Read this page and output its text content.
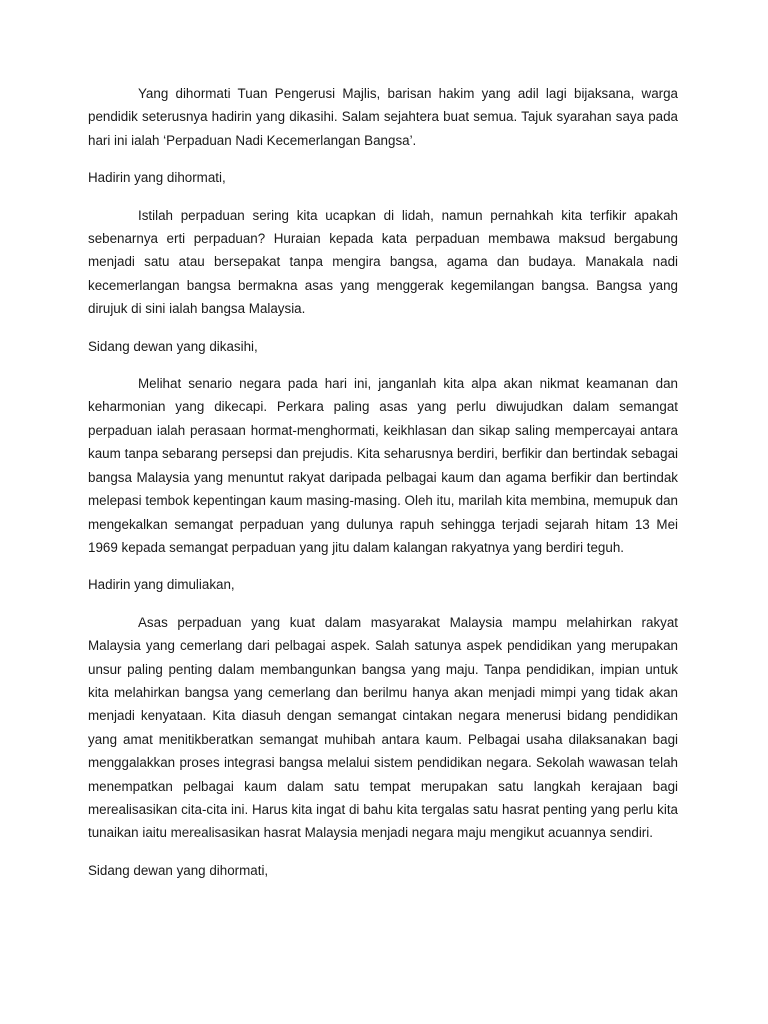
Yang dihormati Tuan Pengerusi Majlis, barisan hakim yang adil lagi bijaksana, warga pendidik seterusnya hadirin yang dikasihi. Salam sejahtera buat semua. Tajuk syarahan saya pada hari ini ialah ‘Perpaduan Nadi Kecemerlangan Bangsa’.

Hadirin yang dihormati,

Istilah perpaduan sering kita ucapkan di lidah, namun pernahkah kita terfikir apakah sebenarnya erti perpaduan? Huraian kepada kata perpaduan membawa maksud bergabung menjadi satu atau bersepakat tanpa mengira bangsa, agama dan budaya. Manakala nadi kecemerlangan bangsa bermakna asas yang menggerak kegemilangan bangsa. Bangsa yang dirujuk di sini ialah bangsa Malaysia.

Sidang dewan yang dikasihi,

Melihat senario negara pada hari ini, janganlah kita alpa akan nikmat keamanan dan keharmonian yang dikecapi. Perkara paling asas yang perlu diwujudkan dalam semangat perpaduan ialah perasaan hormat-menghormati, keikhlasan dan sikap saling mempercayai antara kaum tanpa sebarang persepsi dan prejudis. Kita seharusnya berdiri, berfikir dan bertindak sebagai bangsa Malaysia yang menuntut rakyat daripada pelbagai kaum dan agama berfikir dan bertindak melepasi tembok kepentingan kaum masing-masing. Oleh itu, marilah kita membina, memupuk dan mengekalkan semangat perpaduan yang dulunya rapuh sehingga terjadi sejarah hitam 13 Mei 1969 kepada semangat perpaduan yang jitu dalam kalangan rakyatnya yang berdiri teguh.

Hadirin yang dimuliakan,

Asas perpaduan yang kuat dalam masyarakat Malaysia mampu melahirkan rakyat Malaysia yang cemerlang dari pelbagai aspek. Salah satunya aspek pendidikan yang merupakan unsur paling penting dalam membangunkan bangsa yang maju. Tanpa pendidikan, impian untuk kita melahirkan bangsa yang cemerlang dan berilmu hanya akan menjadi mimpi yang tidak akan menjadi kenyataan. Kita diasuh dengan semangat cintakan negara menerusi bidang pendidikan yang amat menitikberatkan semangat muhibah antara kaum. Pelbagai usaha dilaksanakan bagi menggalakkan proses integrasi bangsa melalui sistem pendidikan negara. Sekolah wawasan telah menempatkan pelbagai kaum dalam satu tempat merupakan satu langkah kerajaan bagi merealisasikan cita-cita ini. Harus kita ingat di bahu kita tergalas satu hasrat penting yang perlu kita tunaikan iaitu merealisasikan hasrat Malaysia menjadi negara maju mengikut acuannya sendiri.

Sidang dewan yang dihormati,
